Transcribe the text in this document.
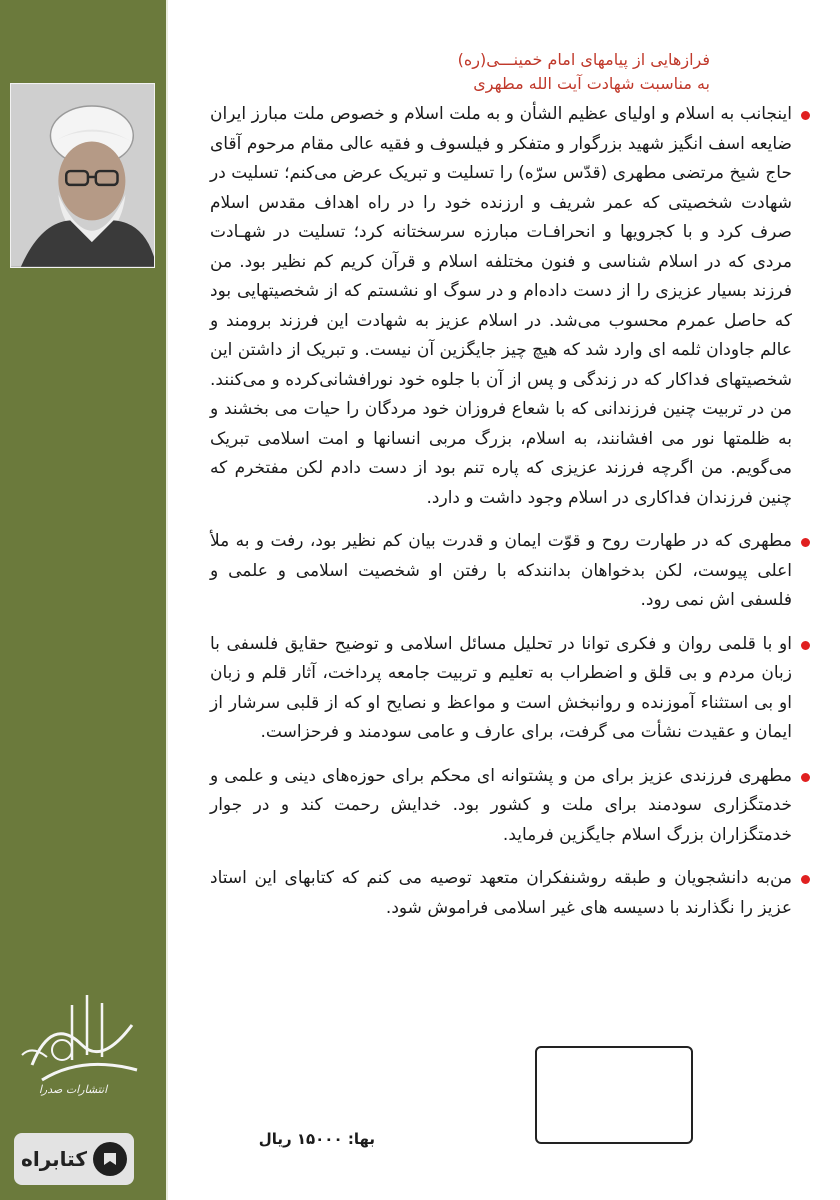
انتشارات صدرا
کتابراه
فرازهایی از پیامهای امام خمینـــی(ره)
به مناسبت شهادت آیت الله مطهری
اینجانب به اسلام و اولیای عظیم الشأن و به ملت اسلام و خصوص ملت مبارز ایران ضایعه اسف انگیز شهید بزرگوار و متفکر و فیلسوف و فقیه عالی مقام مرحوم آقای حاج شیخ مرتضی مطهری (قدّس سرّه) را تسلیت و تبریک عرض می‌کنم؛ تسلیت در شهادت شخصیتی که عمر شریف و ارزنده خود را در راه اهداف مقدس اسلام صرف کرد و با کجرویها و انحرافـات مبارزه سرسختانه کرد؛ تسلیت در شهـادت مردی که در اسلام شناسی و فنون مختلفه اسلام و قرآن کریم کم نظیر بود. من فرزند بسیار عزیزی را از دست داده‌ام و در سوگ او نشستم که از شخصیتهایی بود که حاصل عمرم محسوب می‌شد. در اسلام عزیز به شهادت این فرزند برومند و عالم جاودان ثلمه ای وارد شد که هیچ چیز جایگزین آن نیست. و تبریک از داشتن این شخصیتهای فداکار که در زندگی و پس از آن با جلوه خود نورافشانی‌کرده و می‌کنند. من در تربیت چنین فرزندانی که با شعاع فروزان خود مردگان را حیات می بخشند و به ظلمتها نور می افشانند، به اسلام، بزرگ مربی انسانها و امت اسلامی تبریک می‌گویم. من اگرچه فرزند عزیزی که پاره تنم بود از دست دادم لکن مفتخرم که چنین فرزندان فداکاری در اسلام وجود داشت و دارد.
مطهری که در طهارت روح و قوّت ایمان و قدرت بیان کم نظیر بود، رفت و به ملأ اعلی پیوست، لکن بدخواهان بدانندکه با رفتن او شخصیت اسلامی و علمی و فلسفی اش نمی رود.
او با قلمی روان و فکری توانا در تحلیل مسائل اسلامی و توضیح حقایق فلسفی با زبان مردم و بی قلق و اضطراب به تعلیم و تربیت جامعه پرداخت، آثار قلم و زبان او بی استثناء آموزنده و روانبخش است و مواعظ و نصایح او که از قلبی سرشار از ایمان و عقیدت نشأت می گرفت، برای عارف و عامی سودمند و فرحزاست.
مطهری فرزندی عزیز برای من و پشتوانه ای محکم برای حوزه‌های دینی و علمی و خدمتگزاری سودمند برای ملت و کشور بود. خدایش رحمت کند و در جوار خدمتگزاران بزرگ اسلام جایگزین فرماید.
من‌به دانشجویان و طبقه روشنفکران متعهد توصیه می کنم که کتابهای این استاد عزیز را نگذارند با دسیسه های غیر اسلامی فراموش شود.
بها: ۱۵۰۰۰ ریال
